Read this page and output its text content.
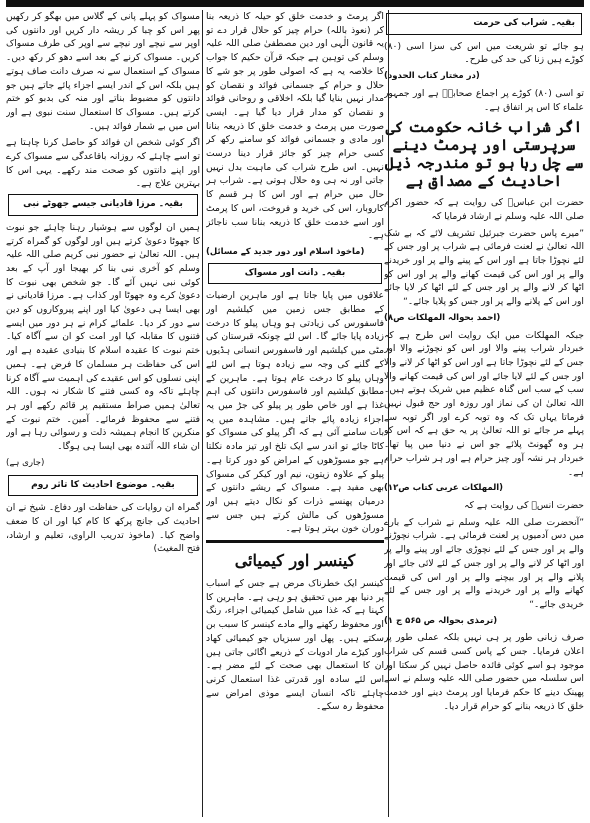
بقیہ۔ شراب کی حرمت
ہو جائے تو شریعت میں اس کی سزا اسی (۸۰) کوڑے ہیں زنا کی حد کی طرح۔
(در مختار کتاب الحدود)
تو اسی (۸۰) کوڑے پر اجماع صحابہؓ ہے اور جمہور علماء کا اس پر اتفاق ہے۔
اگر شراب خانہ حکومت کی سرپرستی اور پرمٹ دینے سے چل رہا ہو تو مندرجہ ذیل احادیث کے مصداق ہے
حضرت ابن عباسؓ کی روایت ہے کہ حضور اکرم صلی اللہ علیہ وسلم نے ارشاد فرمایا کہ
”میرے پاس حضرت جبرئیل تشریف لائے کہ بے شک اللہ تعالیٰ نے لعنت فرمائی ہے شراب پر اور جس کے لئے نچوڑا جاتا ہے اور اس کے پینے والے پر اور خریدنے والے پر اور اس کی قیمت کھانے والے پر اور اس کو اٹھا کر لانے والے پر اور جس کے لئے اٹھا کر لایا جائے اور اس کے پلانے والے پر اور جس کو پلایا جائے۔“
(احمد بحوالہ المهلكات ص۸)
جبکہ المهلكات میں ایک روایت اس طرح ہے کہ خبردار شراب پینے والا اور اس کو نچوڑنے والا اور جس کے لئے نچوڑا جاتا ہے اور اس کو اٹھا کر لانے والا اور جس کے لئے لایا جائے اور اس کی قیمت کھانے والا سب کے سب اس گناہ عظیم میں شریک ہوتے ہیں۔ اللہ تعالیٰ ان کی نماز اور روزہ اور حج قبول نہیں فرماتا یہاں تک کہ وہ توبہ کرے اور اگر توبہ سے پہلے مر جائے تو اللہ تعالیٰ پر یہ حق ہے کہ اس کو ہر وہ گھونٹ پلائے جو اس نے دنیا میں پیا تھا۔ خبردار ہر نشہ آور چیز حرام ہے اور ہر شراب حرام ہے۔
(المهلكات عربی کتاب ص۱۲)
حضرت انسؓ کی روایت ہے کہ
”آنحضرت صلی اللہ علیہ وسلم نے شراب کے بارے میں دس آدمیوں پر لعنت فرمائی ہے۔ شراب نچوڑنے والے پر اور جس کے لئے نچوڑی جائے اور پینے والے پر اور اٹھا کر لانے والے پر اور جس کے لئے لائی جائے اور پلانے والے پر اور بیچنے والے پر اور اس کی قیمت کھانے والے پر اور خریدنے والے پر اور جس کے لئے خریدی جائے۔“
(ترمذی بحوالہ ص ۵۶۵ ج ۱)
صرف زبانی طور پر ہی نہیں بلکہ عملی طور پر اعلان فرمایا۔ جس کے پاس کسی قسم کی شراب موجود ہو اسے کوئی فائدہ حاصل نہیں کر سکتا اور اس سلسلہ میں حضور صلی اللہ علیہ وسلم نے اسے پھینک دینے کا حکم فرمایا اور پرمٹ دینے اور خدمت خلق کا ذریعہ بنانے کو حرام قرار دیا۔
اگر پرمٹ و خدمت خلق کو حیلہ کا ذریعہ بنا کر (نعوذ باللہ) حرام چیز کو حلال قرار دے تو یہ قانون الٰہی اور دین مصطفیٰ صلی اللہ علیہ وسلم کی توہین ہے جبکہ قرآن حکیم کا جواب کا خلاصہ یہ ہے کہ اصولی طور پر جو شے کا حلال و حرام کے جسمانی فوائد و نقصان کو مدار نہیں بنایا گیا بلکہ اخلاقی و روحانی فوائد و نقصان کو مدار قرار دیا گیا ہے۔ ایسی صورت میں پرمٹ و خدمت خلق کا ذریعہ بنانا اور مادی و جسمانی فوائد کو سامنے رکھ کر کسی حرام چیز کو جائز قرار دینا درست نہیں۔ اس طرح شراب کی ماہیت بدل نہیں جاتی اور نہ ہی وہ حلال ہوتی ہے۔ شراب ہر حال میں حرام ہے اور اس کا ہر قسم کا کاروبار، اس کی خرید و فروخت، اس کا پرمٹ اور اسے خدمت خلق کا ذریعہ بنانا سب ناجائز ہے۔
(ماخوذ اسلام اور دور جدید کے مسائل)
بقیہ۔ دانت اور مسواک
علاقوں میں پایا جاتا ہے اور ماہرین ارضیات کے مطابق جس زمین میں کیلشیم اور فاسفورس کی زیادتی ہو وہاں پیلو کا درخت زیادہ پایا جائے گا۔ اس لئے چونکہ قبرستان کی مٹی میں کیلشیم اور فاسفورس انسانی ہڈیوں کے گلنے کی وجہ سے زیادہ ہوتا ہے اس لئے وہاں پیلو کا درخت عام ہوتا ہے۔ ماہرین کے مطابق کیلشیم اور فاسفورس دانتوں کی اہم غذا ہے اور خاص طور پر پیلو کی جڑ میں یہ اجزاء زیادہ پائے جاتے ہیں۔ مشاہدہ میں یہ بات سامنے آئی ہے کہ اگر پیلو کی مسواک کو کاٹا جائے تو اندر سے ایک تلخ اور تیز مادہ نکلتا ہے جو مسوڑھوں کے امراض کو دور کرتا ہے۔ پیلو کے علاوہ زیتون، نیم اور کیکر کی مسواک بھی مفید ہے۔ مسواک کے ریشے دانتوں کے درمیان پھنسے ذرات کو نکال دیتے ہیں اور مسوڑھوں کی مالش کرتے ہیں جس سے دوران خون بہتر ہوتا ہے۔
کینسر اور کیمیائی
کینسر ایک خطرناک مرض ہے جس کے اسباب پر دنیا بھر میں تحقیق ہو رہی ہے۔ ماہرین کا کہنا ہے کہ غذا میں شامل کیمیائی اجزاء، رنگ اور محفوظ رکھنے والے مادے کینسر کا سبب بن سکتے ہیں۔ پھل اور سبزیاں جو کیمیائی کھاد اور کیڑے مار ادویات کے ذریعے اگائی جاتی ہیں ان کا استعمال بھی صحت کے لئے مضر ہے۔ اس لئے سادہ اور قدرتی غذا استعمال کرنی چاہئے تاکہ انسان ایسے موذی امراض سے محفوظ رہ سکے۔
مسواک کو پہلے پانی کے گلاس میں بھگو کر رکھیں پھر اس کو چبا کر ریشہ دار کریں اور دانتوں کی اوپر سے نیچے اور نیچے سے اوپر کی طرف مسواک کریں۔ مسواک کرنے کے بعد اسے دھو کر رکھ دیں۔ مسواک کے استعمال سے نہ صرف دانت صاف ہوتے ہیں بلکہ اس کے اندر ایسے اجزاء پائے جاتے ہیں جو دانتوں کو مضبوط بناتے اور منہ کی بدبو کو ختم کرتے ہیں۔ مسواک کا استعمال سنت نبوی ہے اور اس میں بے شمار فوائد ہیں۔
اگر کوئی شخص ان فوائد کو حاصل کرنا چاہتا ہے تو اسے چاہئے کہ روزانہ باقاعدگی سے مسواک کرے اور اپنے دانتوں کو صحت مند رکھے۔ یہی اس کا بہترین علاج ہے۔
بقیہ۔ مرزا قادیانی جیسے جھوٹے نبی
ہمیں ان لوگوں سے ہوشیار رہنا چاہئے جو نبوت کا جھوٹا دعویٰ کرتے ہیں اور لوگوں کو گمراہ کرتے ہیں۔ اللہ تعالیٰ نے حضور نبی کریم صلی اللہ علیہ وسلم کو آخری نبی بنا کر بھیجا اور آپ کے بعد کوئی نبی نہیں آئے گا۔ جو شخص بھی نبوت کا دعویٰ کرے وہ جھوٹا اور کذاب ہے۔ مرزا قادیانی نے بھی ایسا ہی دعویٰ کیا اور اپنے پیروکاروں کو دین سے دور کر دیا۔ علمائے کرام نے ہر دور میں ایسے فتنوں کا مقابلہ کیا اور امت کو ان سے آگاہ کیا۔ ختم نبوت کا عقیدہ اسلام کا بنیادی عقیدہ ہے اور اس کی حفاظت ہر مسلمان کا فرض ہے۔ ہمیں اپنی نسلوں کو اس عقیدے کی اہمیت سے آگاہ کرنا چاہئے تاکہ وہ کسی فتنے کا شکار نہ ہوں۔ اللہ تعالیٰ ہمیں صراط مستقیم پر قائم رکھے اور ہر فتنے سے محفوظ فرمائے۔ آمین۔ ختم نبوت کے منکرین کا انجام ہمیشہ ذلت و رسوائی رہا ہے اور ان شاء اللہ آئندہ بھی ایسا ہی ہوگا۔
(جاری ہے)
بقیہ۔ موضوع احادیث کا تاثر روم
گمراہ ان روایات کی حفاظت اور دفاع۔ شیخ نے ان احادیث کی جانچ پرکھ کا کام کیا اور ان کا ضعف واضح کیا۔ (ماخوذ تدریب الراوی، تعلیم و ارشاد، فتح المغیث)
